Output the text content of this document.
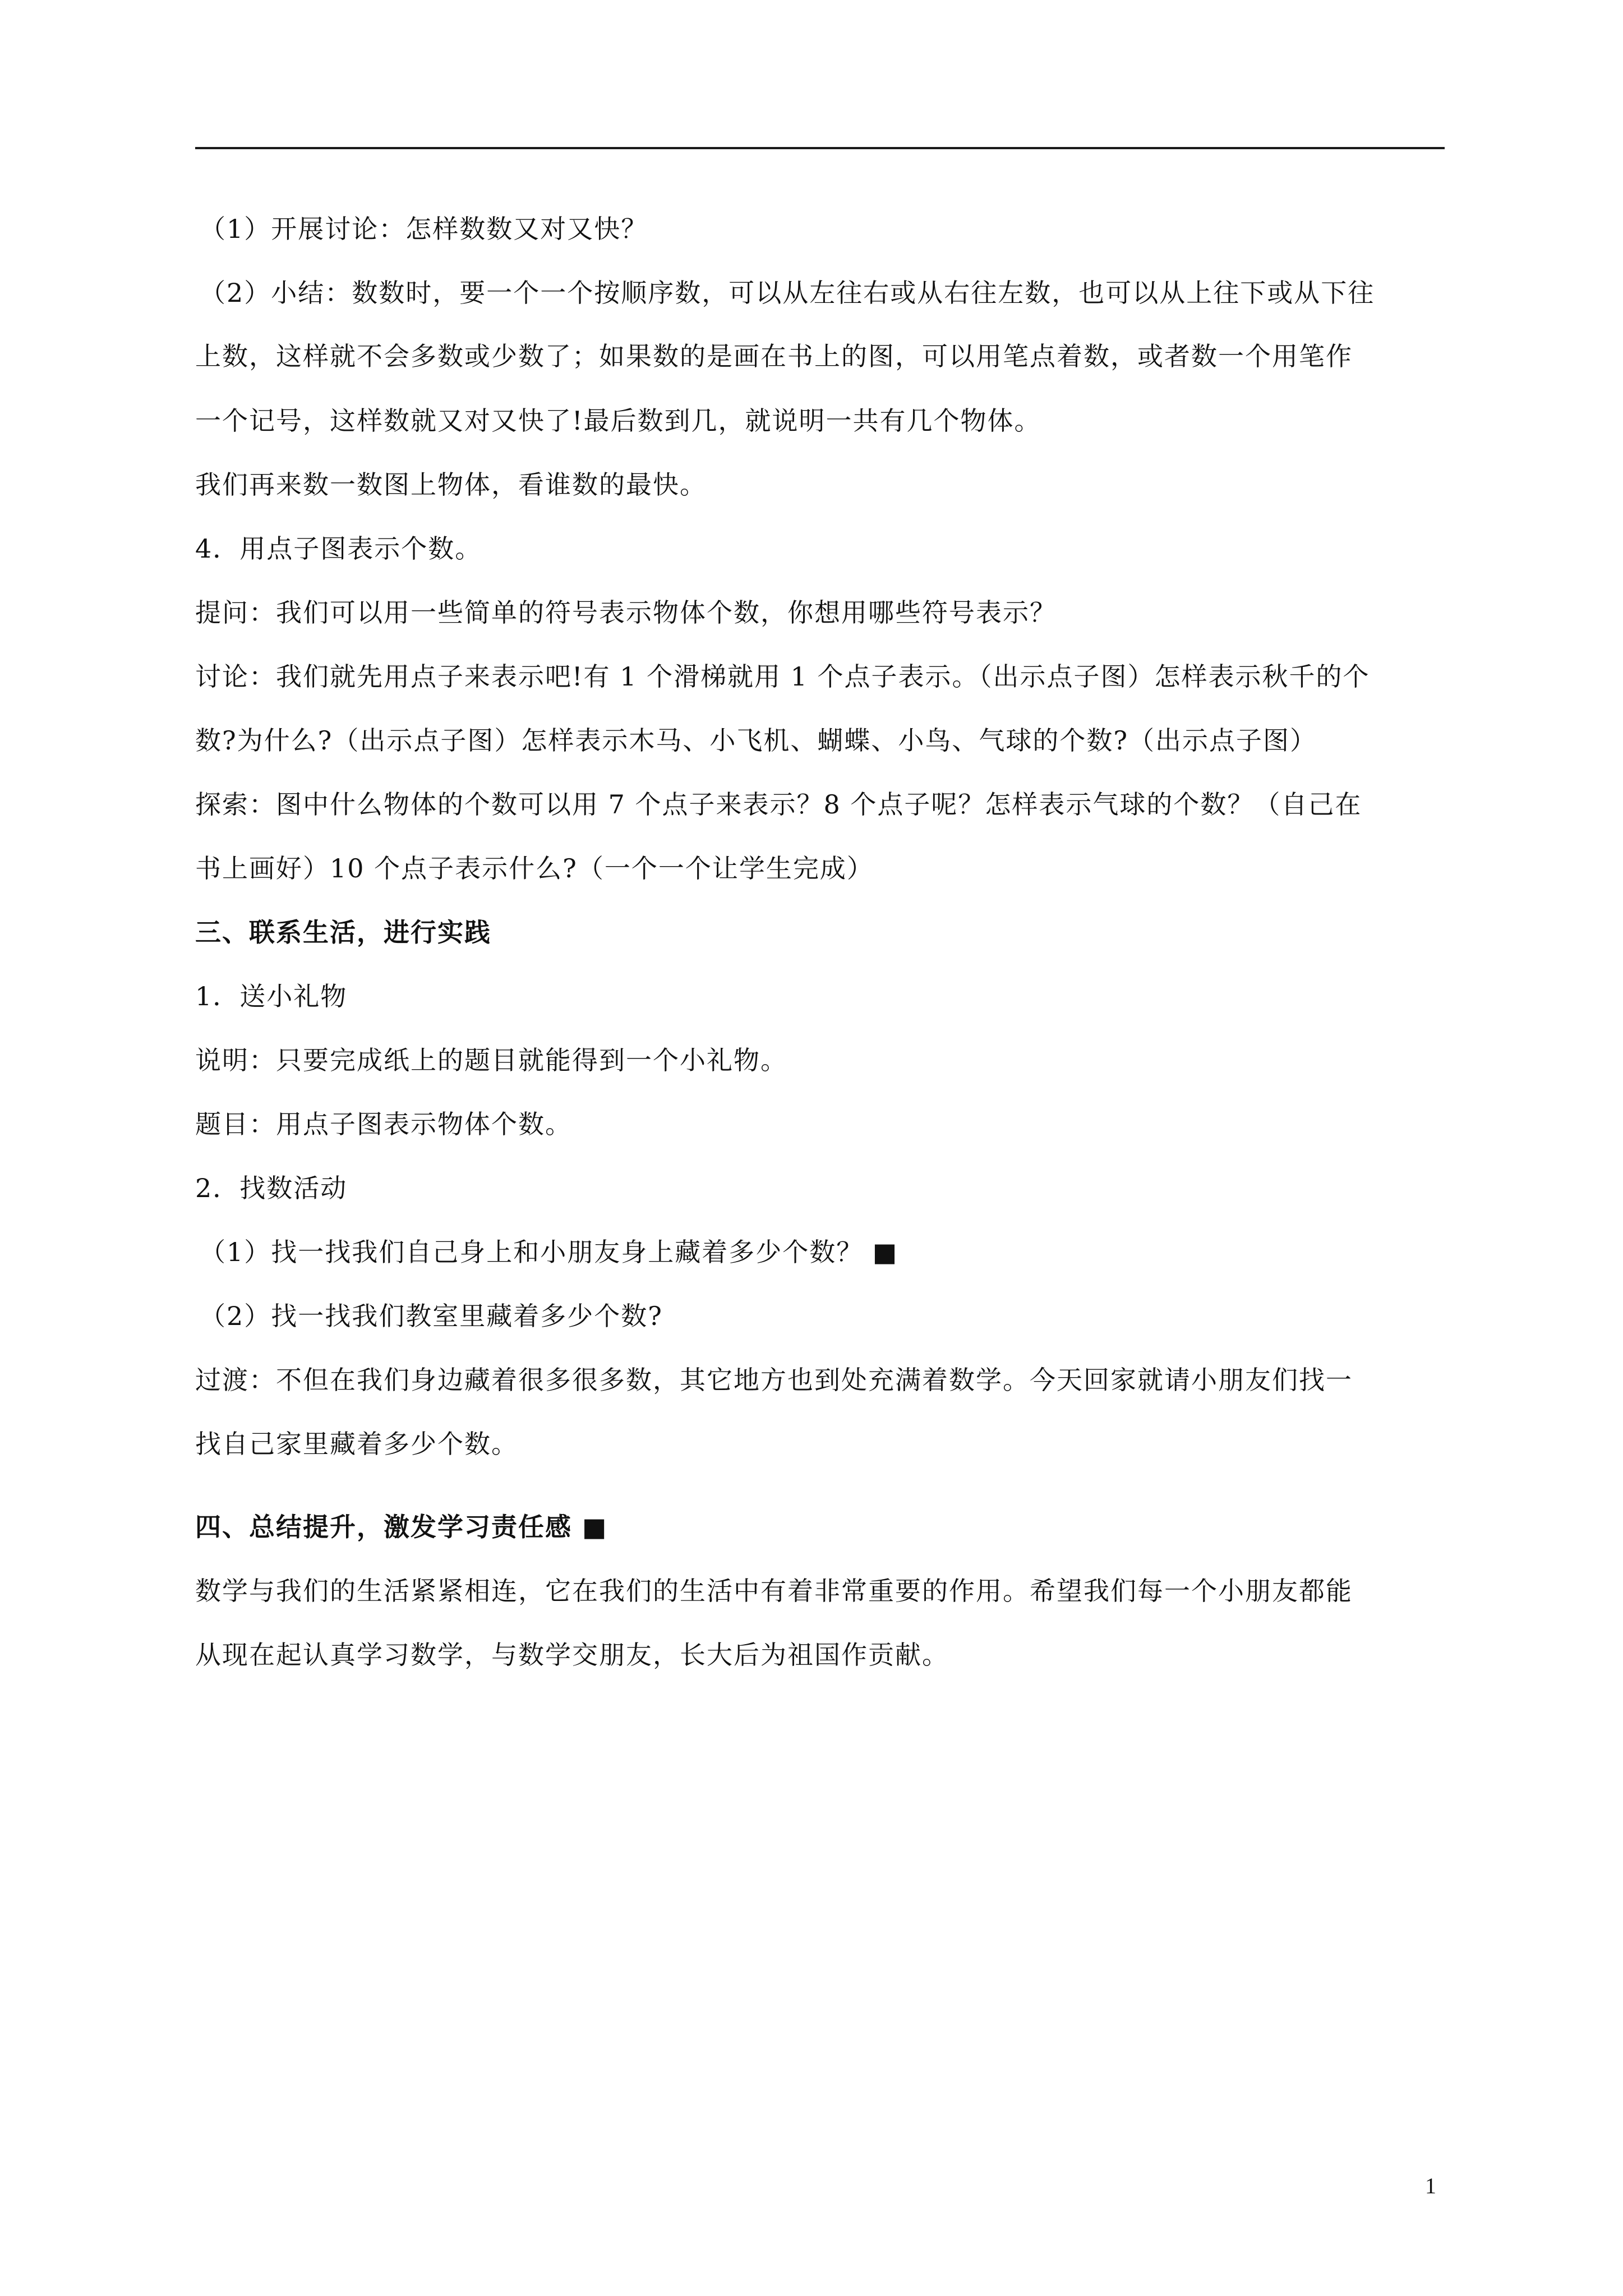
（1）开展讨论：怎样数数又对又快？
（2）小结：数数时，要一个一个按顺序数，可以从左往右或从右往左数，也可以从上往下或从下往
上数，这样就不会多数或少数了；如果数的是画在书上的图，可以用笔点着数，或者数一个用笔作
一个记号，这样数就又对又快了!最后数到几，就说明一共有几个物体。
我们再来数一数图上物体，看谁数的最快。
4．用点子图表示个数。
提问：我们可以用一些简单的符号表示物体个数，你想用哪些符号表示？
讨论：我们就先用点子来表示吧!有 1 个滑梯就用 1 个点子表示。（出示点子图）怎样表示秋千的个
数?为什么?（出示点子图）怎样表示木马、小飞机、蝴蝶、小鸟、气球的个数?（出示点子图）
探索：图中什么物体的个数可以用 7 个点子来表示？8 个点子呢？怎样表示气球的个数？（自己在
书上画好）10 个点子表示什么?（一个一个让学生完成）
三、联系生活，进行实践
1．送小礼物
说明：只要完成纸上的题目就能得到一个小礼物。
题目：用点子图表示物体个数。
2．找数活动
（1）找一找我们自己身上和小朋友身上藏着多少个数？ ■
（2）找一找我们教室里藏着多少个数?
过渡：不但在我们身边藏着很多很多数，其它地方也到处充满着数学。今天回家就请小朋友们找一
找自己家里藏着多少个数。
四、总结提升，激发学习责任感 ■
数学与我们的生活紧紧相连，它在我们的生活中有着非常重要的作用。希望我们每一个小朋友都能
从现在起认真学习数学，与数学交朋友，长大后为祖国作贡献。
1
